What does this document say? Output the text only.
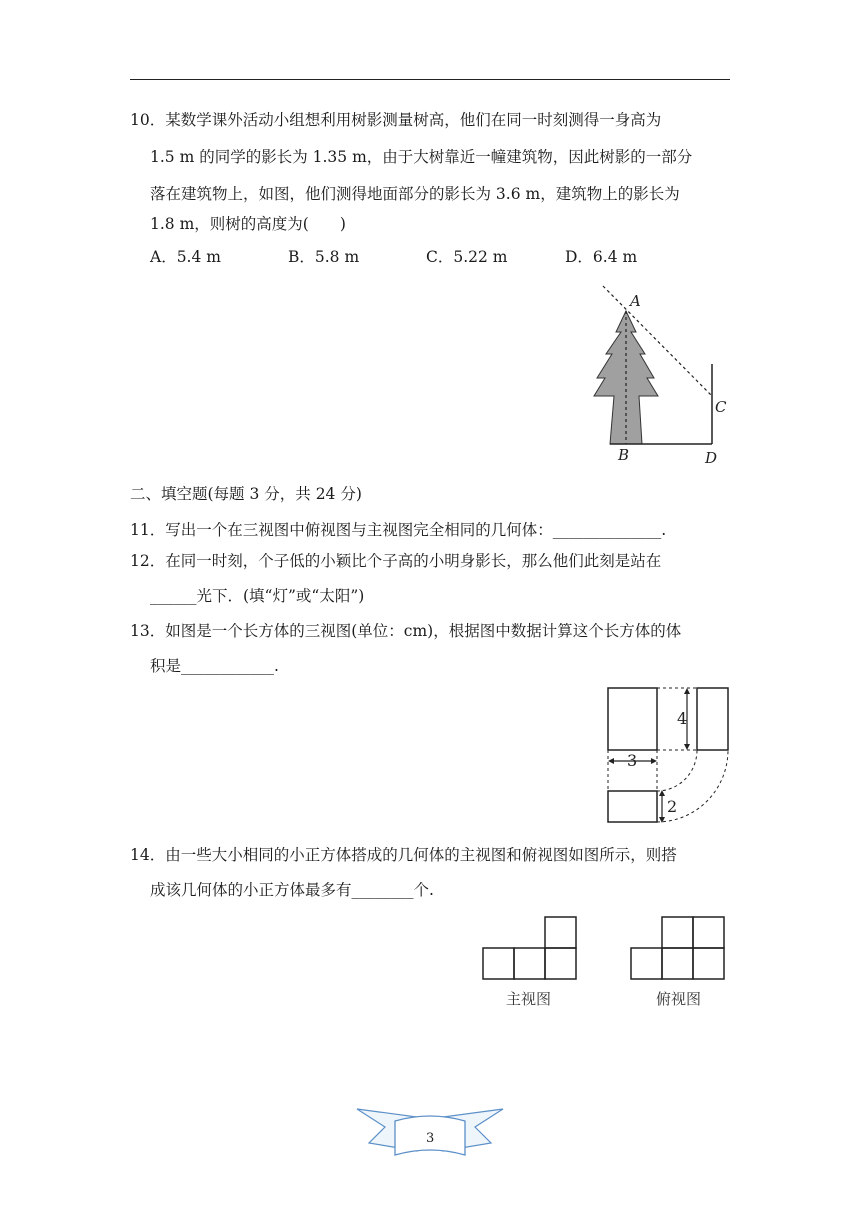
10．某数学课外活动小组想利用树影测量树高，他们在同一时刻测得一身高为
1.5 m 的同学的影长为 1.35 m，由于大树靠近一幢建筑物，因此树影的一部分
落在建筑物上，如图，他们测得地面部分的影长为 3.6 m，建筑物上的影长为
1.8 m，则树的高度为(　　)
A．5.4 m	B．5.8 m	C．5.22 m	D．6.4 m
A
B
C
D
二、填空题(每题 3 分，共 24 分)
11．写出一个在三视图中俯视图与主视图完全相同的几何体：______________.
12．在同一时刻，个子低的小颖比个子高的小明身影长，那么他们此刻是站在
______光下．(填“灯”或“太阳”)
13．如图是一个长方体的三视图(单位：cm)，根据图中数据计算这个长方体的体
积是____________.
4
3
2
14．由一些大小相同的小正方体搭成的几何体的主视图和俯视图如图所示，则搭
成该几何体的小正方体最多有________个.
主视图	俯视图
3
